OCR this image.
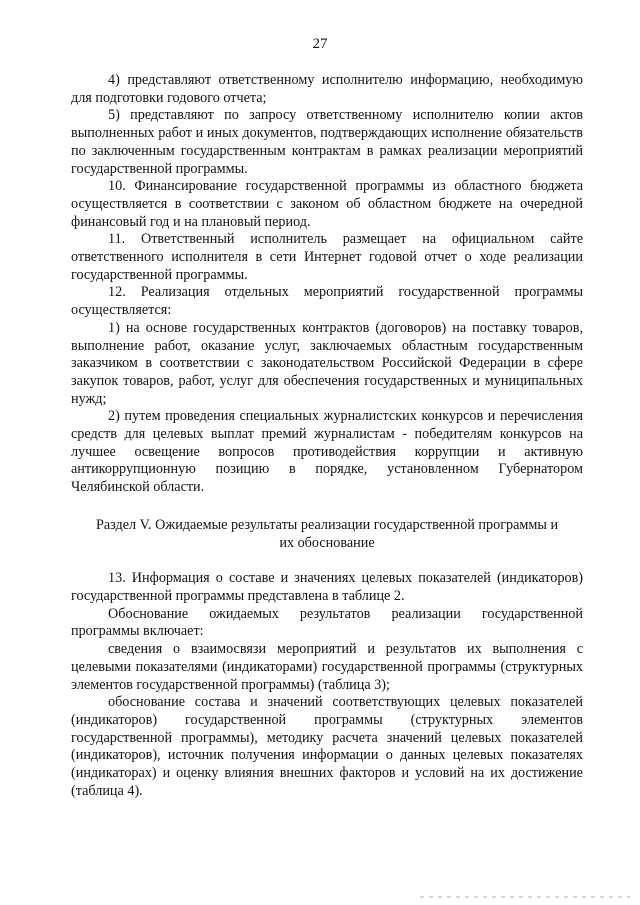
27

4) представляют ответственному исполнителю информацию, необходимую для подготовки годового отчета;

5) представляют по запросу ответственному исполнителю копии актов выполненных работ и иных документов, подтверждающих исполнение обязательств по заключенным государственным контрактам в рамках реализации мероприятий государственной программы.

10. Финансирование государственной программы из областного бюджета осуществляется в соответствии с законом об областном бюджете на очередной финансовый год и на плановый период.

11. Ответственный исполнитель размещает на официальном сайте ответственного исполнителя в сети Интернет годовой отчет о ходе реализации государственной программы.

12. Реализация отдельных мероприятий государственной программы осуществляется:

1) на основе государственных контрактов (договоров) на поставку товаров, выполнение работ, оказание услуг, заключаемых областным государственным заказчиком в соответствии с законодательством Российской Федерации в сфере закупок товаров, работ, услуг для обеспечения государственных и муниципальных нужд;

2) путем проведения специальных журналистских конкурсов и перечисления средств для целевых выплат премий журналистам - победителям конкурсов на лучшее освещение вопросов противодействия коррупции и активную антикоррупционную позицию в порядке, установленном Губернатором Челябинской области.

Раздел V. Ожидаемые результаты реализации государственной программы и их обоснование

13. Информация о составе и значениях целевых показателей (индикаторов) государственной программы представлена в таблице 2.

Обоснование ожидаемых результатов реализации государственной программы включает:

сведения о взаимосвязи мероприятий и результатов их выполнения с целевыми показателями (индикаторами) государственной программы (структурных элементов государственной программы) (таблица 3);

обоснование состава и значений соответствующих целевых показателей (индикаторов) государственной программы (структурных элементов государственной программы), методику расчета значений целевых показателей (индикаторов), источник получения информации о данных целевых показателях (индикаторах) и оценку влияния внешних факторов и условий на их достижение (таблица 4).
